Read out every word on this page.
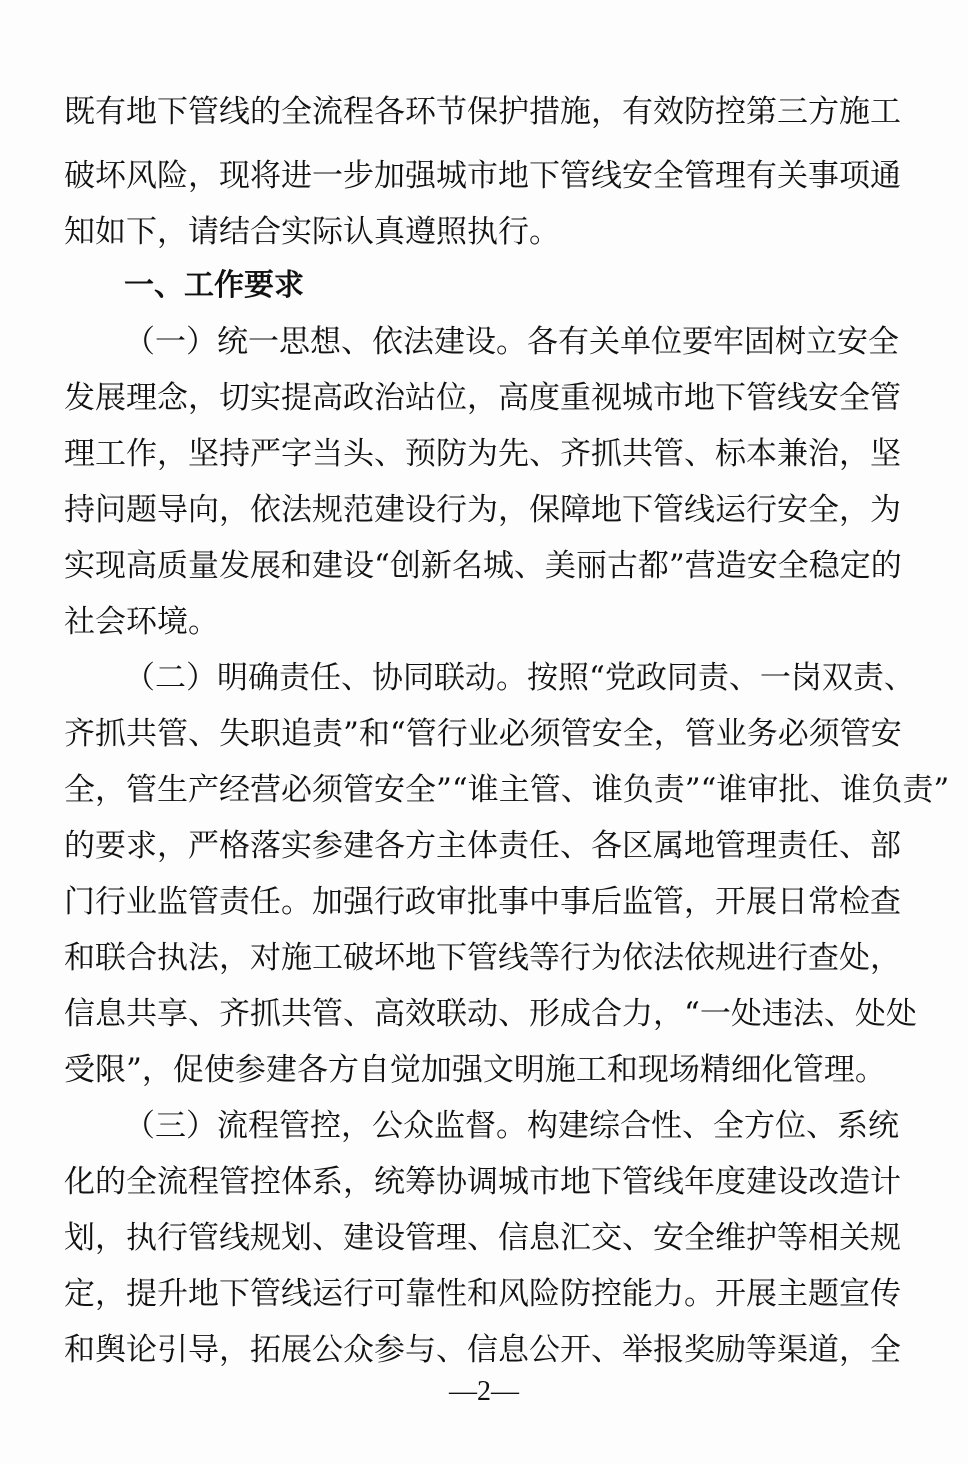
既有地下管线的全流程各环节保护措施，有效防控第三方施工
破坏风险，现将进一步加强城市地下管线安全管理有关事项通
知如下，请结合实际认真遵照执行。
一、工作要求
（一）统一思想、依法建设。各有关单位要牢固树立安全
发展理念，切实提高政治站位，高度重视城市地下管线安全管
理工作，坚持严字当头、预防为先、齐抓共管、标本兼治，坚
持问题导向，依法规范建设行为，保障地下管线运行安全，为
实现高质量发展和建设“创新名城、美丽古都”营造安全稳定的
社会环境。
（二）明确责任、协同联动。按照“党政同责、一岗双责、
齐抓共管、失职追责”和“管行业必须管安全，管业务必须管安
全，管生产经营必须管安全”“谁主管、谁负责”“谁审批、谁负责”
的要求，严格落实参建各方主体责任、各区属地管理责任、部
门行业监管责任。加强行政审批事中事后监管，开展日常检查
和联合执法，对施工破坏地下管线等行为依法依规进行查处，
信息共享、齐抓共管、高效联动、形成合力，“一处违法、处处
受限”，促使参建各方自觉加强文明施工和现场精细化管理。
（三）流程管控，公众监督。构建综合性、全方位、系统
化的全流程管控体系，统筹协调城市地下管线年度建设改造计
划，执行管线规划、建设管理、信息汇交、安全维护等相关规
定，提升地下管线运行可靠性和风险防控能力。开展主题宣传
和舆论引导，拓展公众参与、信息公开、举报奖励等渠道，全
—2—
